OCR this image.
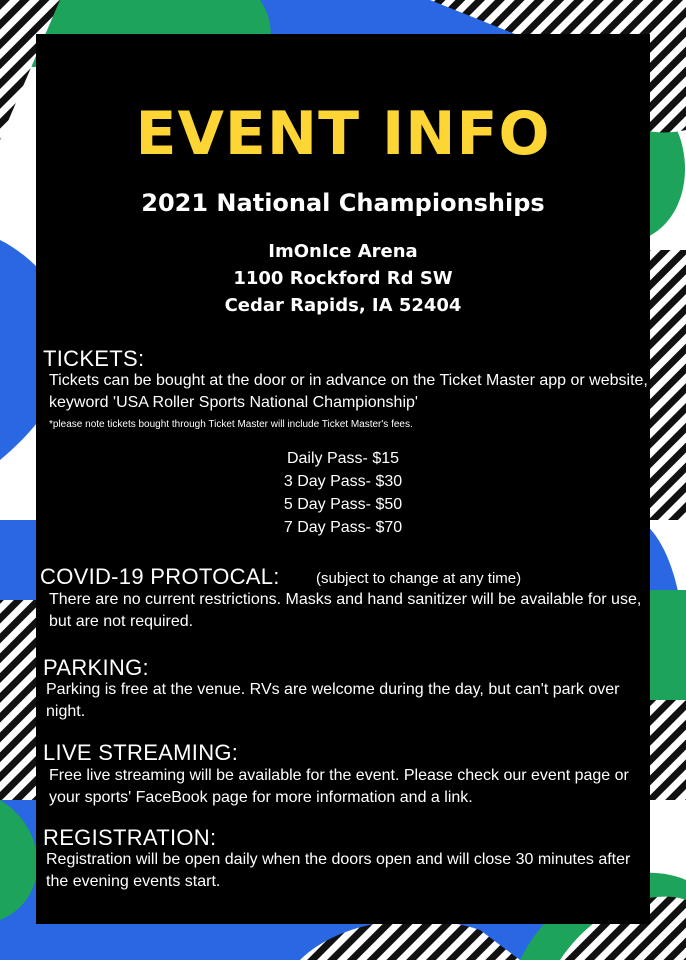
EVENT INFO
2021 National Championships
ImOnIce Arena
1100 Rockford Rd SW
Cedar Rapids, IA 52404
TICKETS:
Tickets can be bought at the door or in advance on the Ticket Master app or website, keyword 'USA Roller Sports National Championship'
*please note tickets bought through Ticket Master will include Ticket Master's fees.
Daily Pass- $15
3 Day Pass- $30
5 Day Pass- $50
7 Day Pass- $70
COVID-19 PROTOCAL: (subject to change at any time)
There are no current restrictions. Masks and hand sanitizer will be available for use, but are not required.
PARKING:
Parking is free at the venue. RVs are welcome during the day, but can't park over night.
LIVE STREAMING:
Free live streaming will be available for the event. Please check our event page or your sports' FaceBook page for more information and a link.
REGISTRATION:
Registration will be open daily when the doors open and will close 30 minutes after the evening events start.
